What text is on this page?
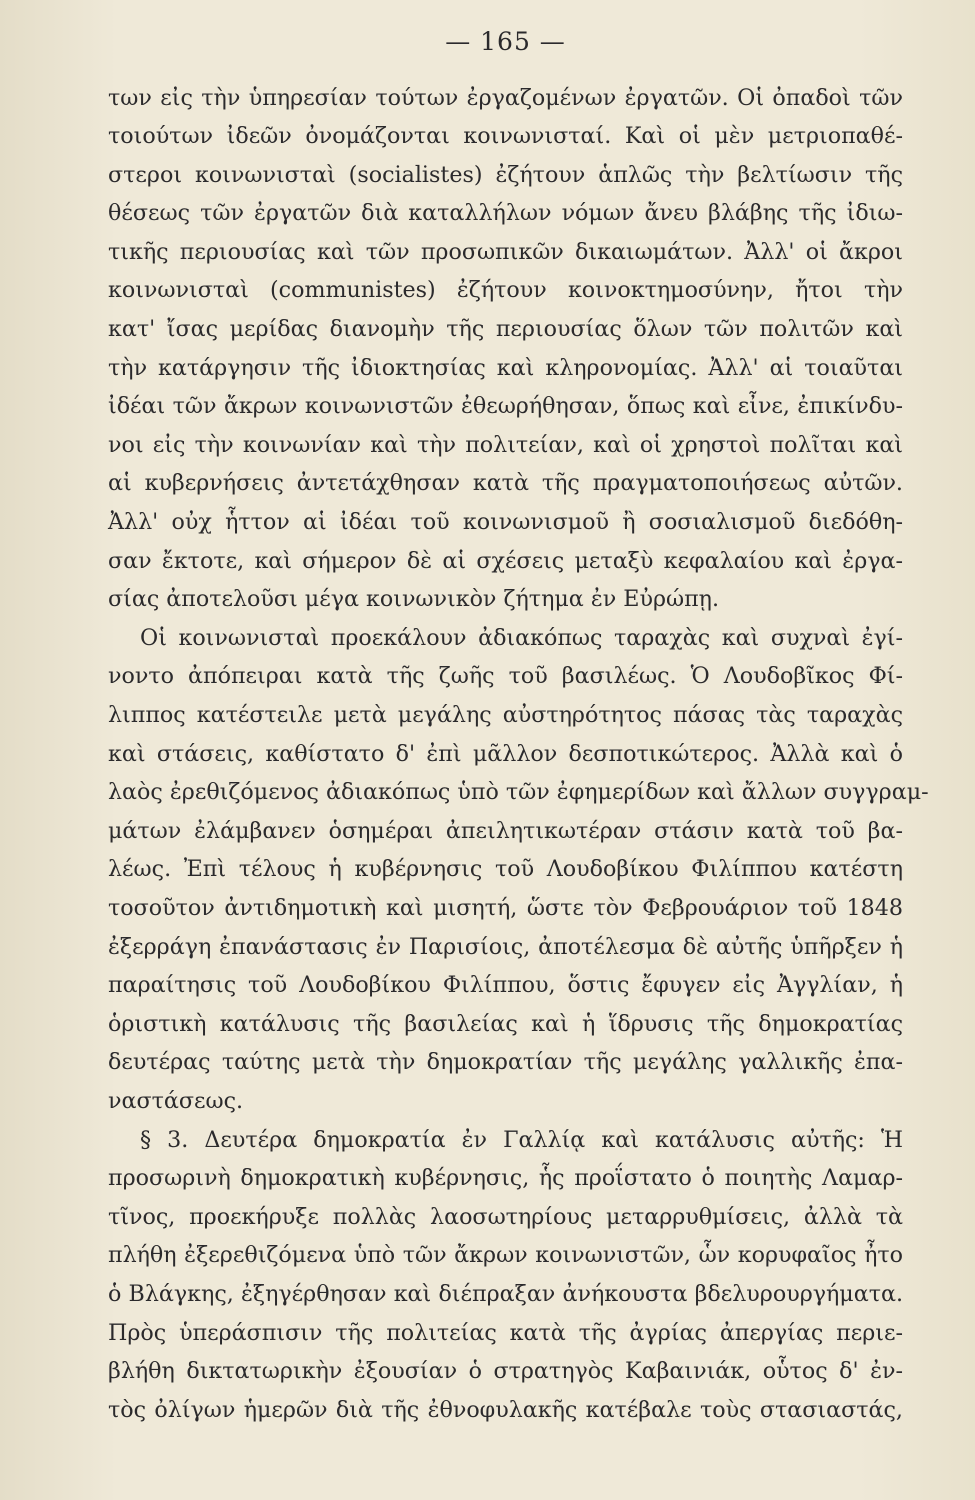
— 165 —
των εἰς τὴν ὑπηρεσίαν τούτων ἐργαζομένων ἐργατῶν. Οἱ ὀπαδοὶ τῶν
τοιούτων ἰδεῶν ὀνομάζονται κοινωνισταί. Καὶ οἱ μὲν μετριοπαθέ-
στεροι κοινωνισταὶ (socialistes) ἐζήτουν ἁπλῶς τὴν βελτίωσιν τῆς
θέσεως τῶν ἐργατῶν διὰ καταλλήλων νόμων ἄνευ βλάβης τῆς ἰδιω-
τικῆς περιουσίας καὶ τῶν προσωπικῶν δικαιωμάτων. Ἀλλ' οἱ ἄκροι
κοινωνισταὶ (communistes) ἐζήτουν κοινοκτημοσύνην, ἤτοι τὴν
κατ' ἴσας μερίδας διανομὴν τῆς περιουσίας ὅλων τῶν πολιτῶν καὶ
τὴν κατάργησιν τῆς ἰδιοκτησίας καὶ κληρονομίας. Ἀλλ' αἱ τοιαῦται
ἰδέαι τῶν ἄκρων κοινωνιστῶν ἐθεωρήθησαν, ὅπως καὶ εἶνε, ἐπικίνδυ-
νοι εἰς τὴν κοινωνίαν καὶ τὴν πολιτείαν, καὶ οἱ χρηστοὶ πολῖται καὶ
αἱ κυβερνήσεις ἀντετάχθησαν κατὰ τῆς πραγματοποιήσεως αὐτῶν.
Ἀλλ' οὐχ ἧττον αἱ ἰδέαι τοῦ κοινωνισμοῦ ἢ σοσιαλισμοῦ διεδόθη-
σαν ἔκτοτε, καὶ σήμερον δὲ αἱ σχέσεις μεταξὺ κεφαλαίου καὶ ἐργα-
σίας ἀποτελοῦσι μέγα κοινωνικὸν ζήτημα ἐν Εὐρώπῃ.
Οἱ κοινωνισταὶ προεκάλουν ἀδιακόπως ταραχὰς καὶ συχναὶ ἐγί-
νοντο ἀπόπειραι κατὰ τῆς ζωῆς τοῦ βασιλέως. Ὁ Λουδοβῖκος Φί-
λιππος κατέστειλε μετὰ μεγάλης αὐστηρότητος πάσας τὰς ταραχὰς
καὶ στάσεις, καθίστατο δ' ἐπὶ μᾶλλον δεσποτικώτερος. Ἀλλὰ καὶ ὁ
λαὸς ἐρεθιζόμενος ἀδιακόπως ὑπὸ τῶν ἐφημερίδων καὶ ἄλλων συγγραμ-
μάτων ἐλάμβανεν ὁσημέραι ἀπειλητικωτέραν στάσιν κατὰ τοῦ βα-
λέως. Ἐπὶ τέλους ἡ κυβέρνησις τοῦ Λουδοβίκου Φιλίππου κατέστη
τοσοῦτον ἀντιδημοτικὴ καὶ μισητή, ὥστε τὸν Φεβρουάριον τοῦ 1848
ἐξερράγη ἐπανάστασις ἐν Παρισίοις, ἀποτέλεσμα δὲ αὐτῆς ὑπῆρξεν ἡ
παραίτησις τοῦ Λουδοβίκου Φιλίππου, ὅστις ἔφυγεν εἰς Ἀγγλίαν, ἡ
ὁριστικὴ κατάλυσις τῆς βασιλείας καὶ ἡ ἵδρυσις τῆς δημοκρατίας
δευτέρας ταύτης μετὰ τὴν δημοκρατίαν τῆς μεγάλης γαλλικῆς ἐπα-
ναστάσεως.
§ 3. Δευτέρα δημοκρατία ἐν Γαλλίᾳ καὶ κατάλυσις αὐτῆς: Ἡ
προσωρινὴ δημοκρατικὴ κυβέρνησις, ἧς προΐστατο ὁ ποιητὴς Λαμαρ-
τῖνος, προεκήρυξε πολλὰς λαοσωτηρίους μεταρρυθμίσεις, ἀλλὰ τὰ
πλήθη ἐξερεθιζόμενα ὑπὸ τῶν ἄκρων κοινωνιστῶν, ὧν κορυφαῖος ἦτο
ὁ Βλάγκης, ἐξηγέρθησαν καὶ διέπραξαν ἀνήκουστα βδελυρουργήματα.
Πρὸς ὑπεράσπισιν τῆς πολιτείας κατὰ τῆς ἀγρίας ἀπεργίας περιε-
βλήθη δικτατωρικὴν ἐξουσίαν ὁ στρατηγὸς Καβαινιάκ, οὗτος δ' ἐν-
τὸς ὀλίγων ἡμερῶν διὰ τῆς ἐθνοφυλακῆς κατέβαλε τοὺς στασιαστάς,
